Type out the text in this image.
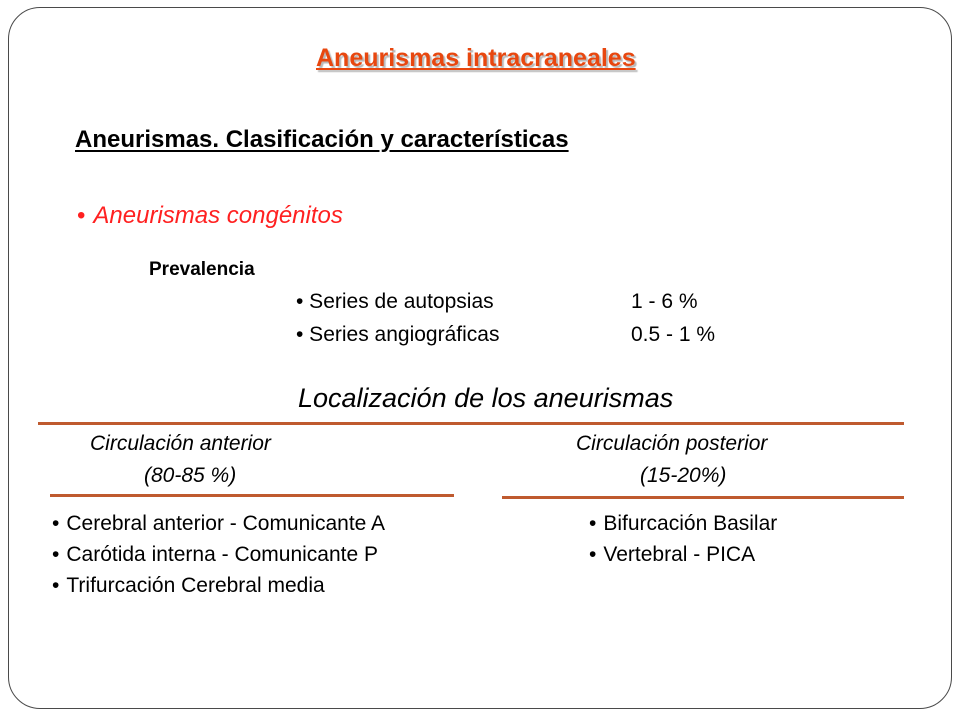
Aneurismas intracraneales
Aneurismas. Clasificación y características
• Aneurismas congénitos
Prevalencia
• Series de autopsias	1 - 6 %
• Series angiográficas	0.5 - 1 %
Localización de los aneurismas
Circulación anterior
(80-85 %)
Circulación posterior
(15-20%)
• Cerebral anterior - Comunicante A
• Carótida interna - Comunicante P
• Trifurcación Cerebral media
• Bifurcación Basilar
• Vertebral - PICA
